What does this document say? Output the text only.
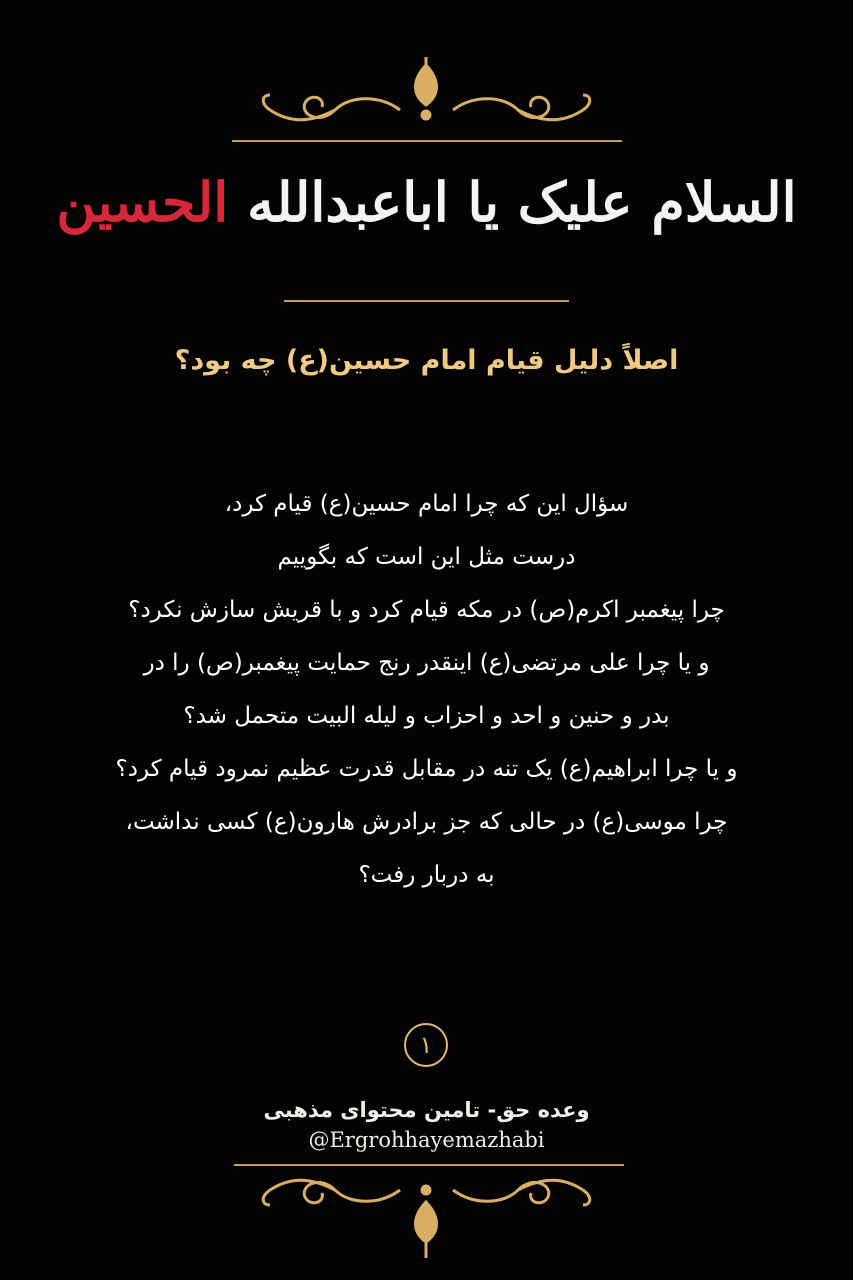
السلام علیک یا اباعبدالله الحسین
اصلاً دلیل قیام امام حسین(ع) چه بود؟
سؤال این که چرا امام حسین(ع) قیام کرد،
درست مثل این است که بگوییم
چرا پیغمبر اکرم(ص) در مکه قیام کرد و با قریش سازش نکرد؟
و یا چرا علی مرتضی(ع) اینقدر رنج حمایت پیغمبر(ص) را در
بدر و حنین و احد و احزاب و لیله البیت متحمل شد؟
و یا چرا ابراهیم(ع) یک تنه در مقابل قدرت عظیم نمرود قیام کرد؟
چرا موسی(ع) در حالی که جز برادرش هارون(ع) کسی نداشت،
به دربار رفت؟
۱
وعده حق- تامین محتوای مذهبی
@Ergrohhayemazhabi
